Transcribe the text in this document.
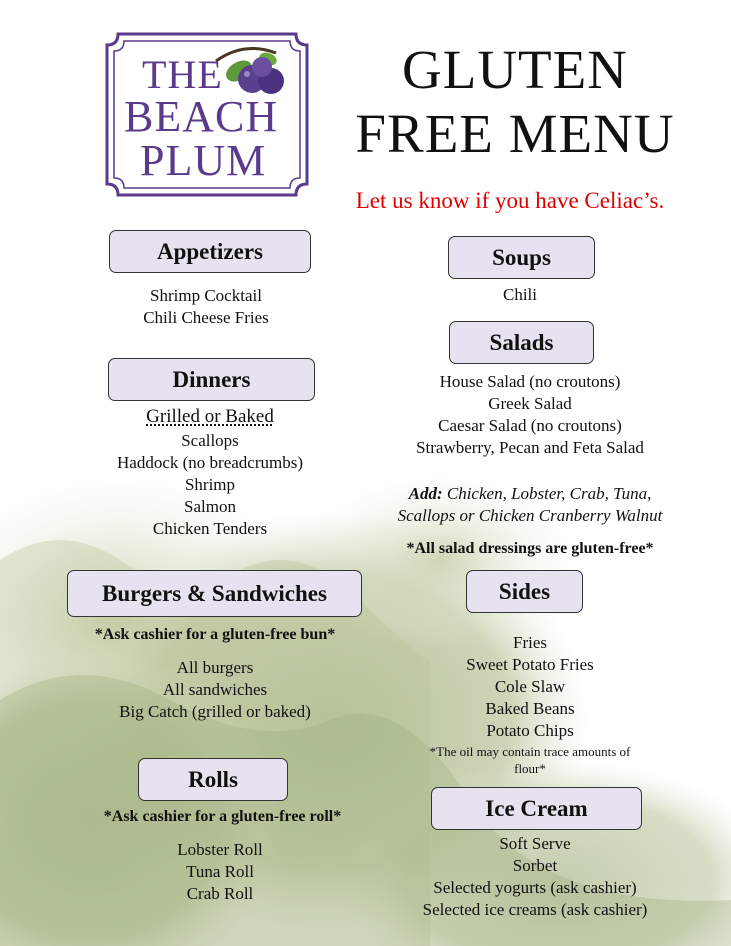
THE
BEACH
PLUM
GLUTEN
FREE MENU
Let us know if you have Celiac’s.
Appetizers
Shrimp Cocktail
Chili Cheese Fries
Soups
Chili
Salads
House Salad (no croutons)
Greek Salad
Caesar Salad (no croutons)
Strawberry, Pecan and Feta Salad
Add: Chicken, Lobster, Crab, Tuna,
Scallops or Chicken Cranberry Walnut
*All salad dressings are gluten-free*
Dinners
Grilled or Baked
Scallops
Haddock (no breadcrumbs)
Shrimp
Salmon
Chicken Tenders
Burgers & Sandwiches
*Ask cashier for a gluten-free bun*
All burgers
All sandwiches
Big Catch (grilled or baked)
Sides
Fries
Sweet Potato Fries
Cole Slaw
Baked Beans
Potato Chips
*The oil may contain trace amounts of
flour*
Rolls
*Ask cashier for a gluten-free roll*
Lobster Roll
Tuna Roll
Crab Roll
Ice Cream
Soft Serve
Sorbet
Selected yogurts (ask cashier)
Selected ice creams (ask cashier)
